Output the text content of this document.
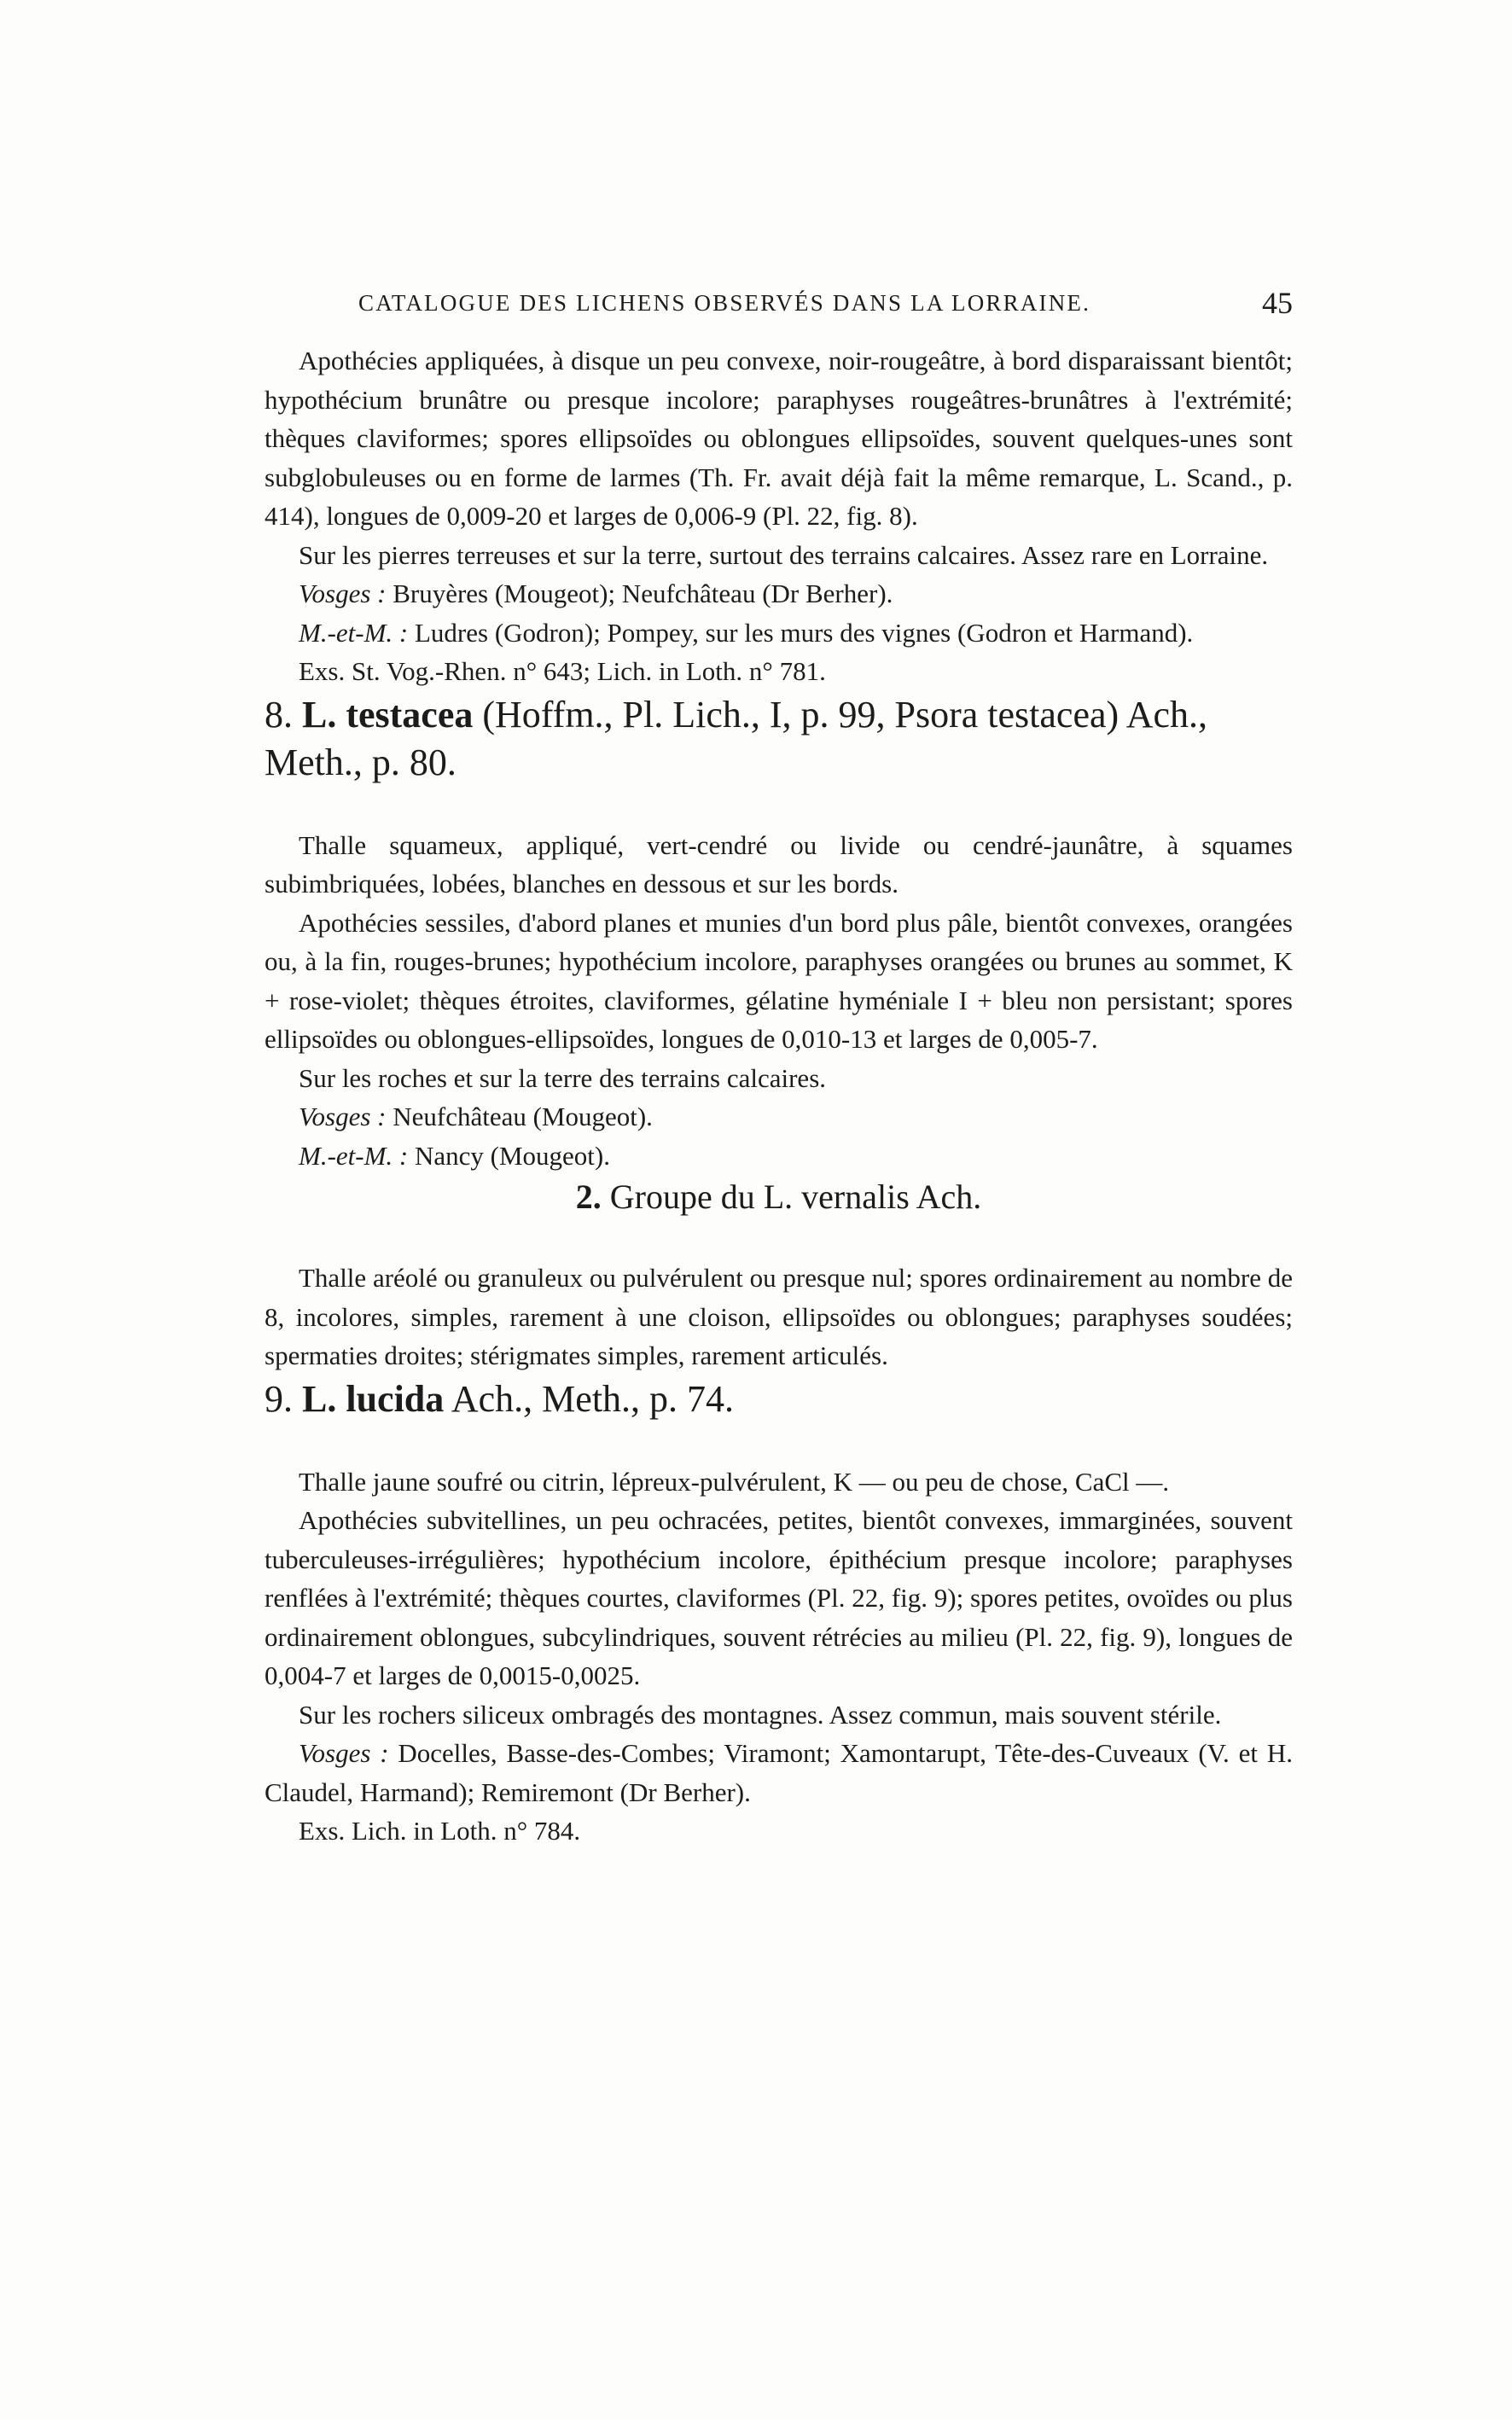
CATALOGUE DES LICHENS OBSERVÉS DANS LA LORRAINE.	45

Apothécies appliquées, à disque un peu convexe, noir-rougeâtre, à bord disparaissant bientôt; hypothécium brunâtre ou presque incolore; paraphyses rougeâtres-brunâtres à l'extrémité; thèques claviformes; spores ellipsoïdes ou oblongues ellipsoïdes, souvent quelques-unes sont subglobuleuses ou en forme de larmes (Th. Fr. avait déjà fait la même remarque, L. Scand., p. 414), longues de 0,009-20 et larges de 0,006-9 (Pl. 22, fig. 8).

Sur les pierres terreuses et sur la terre, surtout des terrains calcaires. Assez rare en Lorraine.

Vosges : Bruyères (Mougeot); Neufchâteau (Dr Berher).

M.-et-M. : Ludres (Godron); Pompey, sur les murs des vignes (Godron et Harmand).

Exs. St. Vog.-Rhen. n° 643; Lich. in Loth. n° 781.

8. L. testacea (Hoffm., Pl. Lich., I, p. 99, Psora testacea) Ach., Meth., p. 80.

Thalle squameux, appliqué, vert-cendré ou livide ou cendré-jaunâtre, à squames subimbriquées, lobées, blanches en dessous et sur les bords.

Apothécies sessiles, d'abord planes et munies d'un bord plus pâle, bientôt convexes, orangées ou, à la fin, rouges-brunes; hypothécium incolore, paraphyses orangées ou brunes au sommet, K + rose-violet; thèques étroites, claviformes, gélatine hyméniale I + bleu non persistant; spores ellipsoïdes ou oblongues-ellipsoïdes, longues de 0,010-13 et larges de 0,005-7.

Sur les roches et sur la terre des terrains calcaires.

Vosges : Neufchâteau (Mougeot).

M.-et-M. : Nancy (Mougeot).

2. Groupe du L. vernalis Ach.

Thalle aréolé ou granuleux ou pulvérulent ou presque nul; spores ordinairement au nombre de 8, incolores, simples, rarement à une cloison, ellipsoïdes ou oblongues; paraphyses soudées; spermaties droites; stérigmates simples, rarement articulés.

9. L. lucida Ach., Meth., p. 74.

Thalle jaune soufré ou citrin, lépreux-pulvérulent, K — ou peu de chose, CaCl —.

Apothécies subvitellines, un peu ochracées, petites, bientôt convexes, immarginées, souvent tuberculeuses-irrégulières; hypothécium incolore, épithécium presque incolore; paraphyses renflées à l'extrémité; thèques courtes, claviformes (Pl. 22, fig. 9); spores petites, ovoïdes ou plus ordinairement oblongues, subcylindriques, souvent rétrécies au milieu (Pl. 22, fig. 9), longues de 0,004-7 et larges de 0,0015-0,0025.

Sur les rochers siliceux ombragés des montagnes. Assez commun, mais souvent stérile.

Vosges : Docelles, Basse-des-Combes; Viramont; Xamontarupt, Tête-des-Cuveaux (V. et H. Claudel, Harmand); Remiremont (Dr Berher).

Exs. Lich. in Loth. n° 784.
